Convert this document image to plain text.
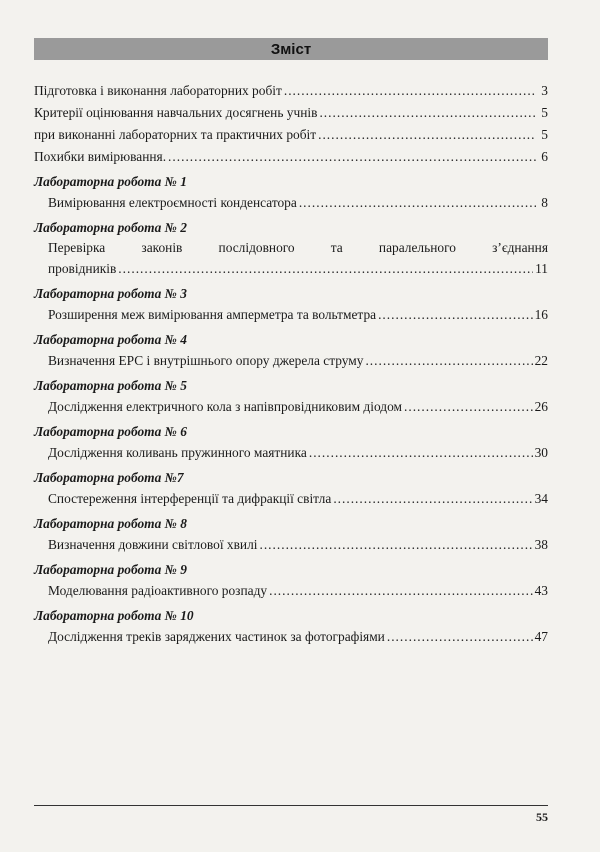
Зміст
Підготовка і виконання лабораторних робіт .....	3
Критерії оцінювання навчальних досягнень учнів .....	5
при виконанні лабораторних та практичних робіт .....	5
Похибки вимірювання. .....	6
Лабораторна робота № 1
Вимірювання електроємності конденсатора .....	8
Лабораторна робота № 2
Перевірка законів послідовного та паралельного з’єднання
провідників .....	11
Лабораторна робота № 3
Розширення меж вимірювання амперметра та вольтметра .....	16
Лабораторна робота № 4
Визначення ЕРС і внутрішнього опору джерела струму .....	22
Лабораторна робота № 5
Дослідження електричного кола з напівпровідниковим діодом .....	26
Лабораторна робота № 6
Дослідження коливань пружинного маятника .....	30
Лабораторна робота №7
Спостереження інтерференції та дифракції світла .....	34
Лабораторна робота № 8
Визначення довжини світлової хвилі .....	38
Лабораторна робота № 9
Моделювання радіоактивного розпаду .....	43
Лабораторна робота № 10
Дослідження треків заряджених частинок за фотографіями .....	47
55
